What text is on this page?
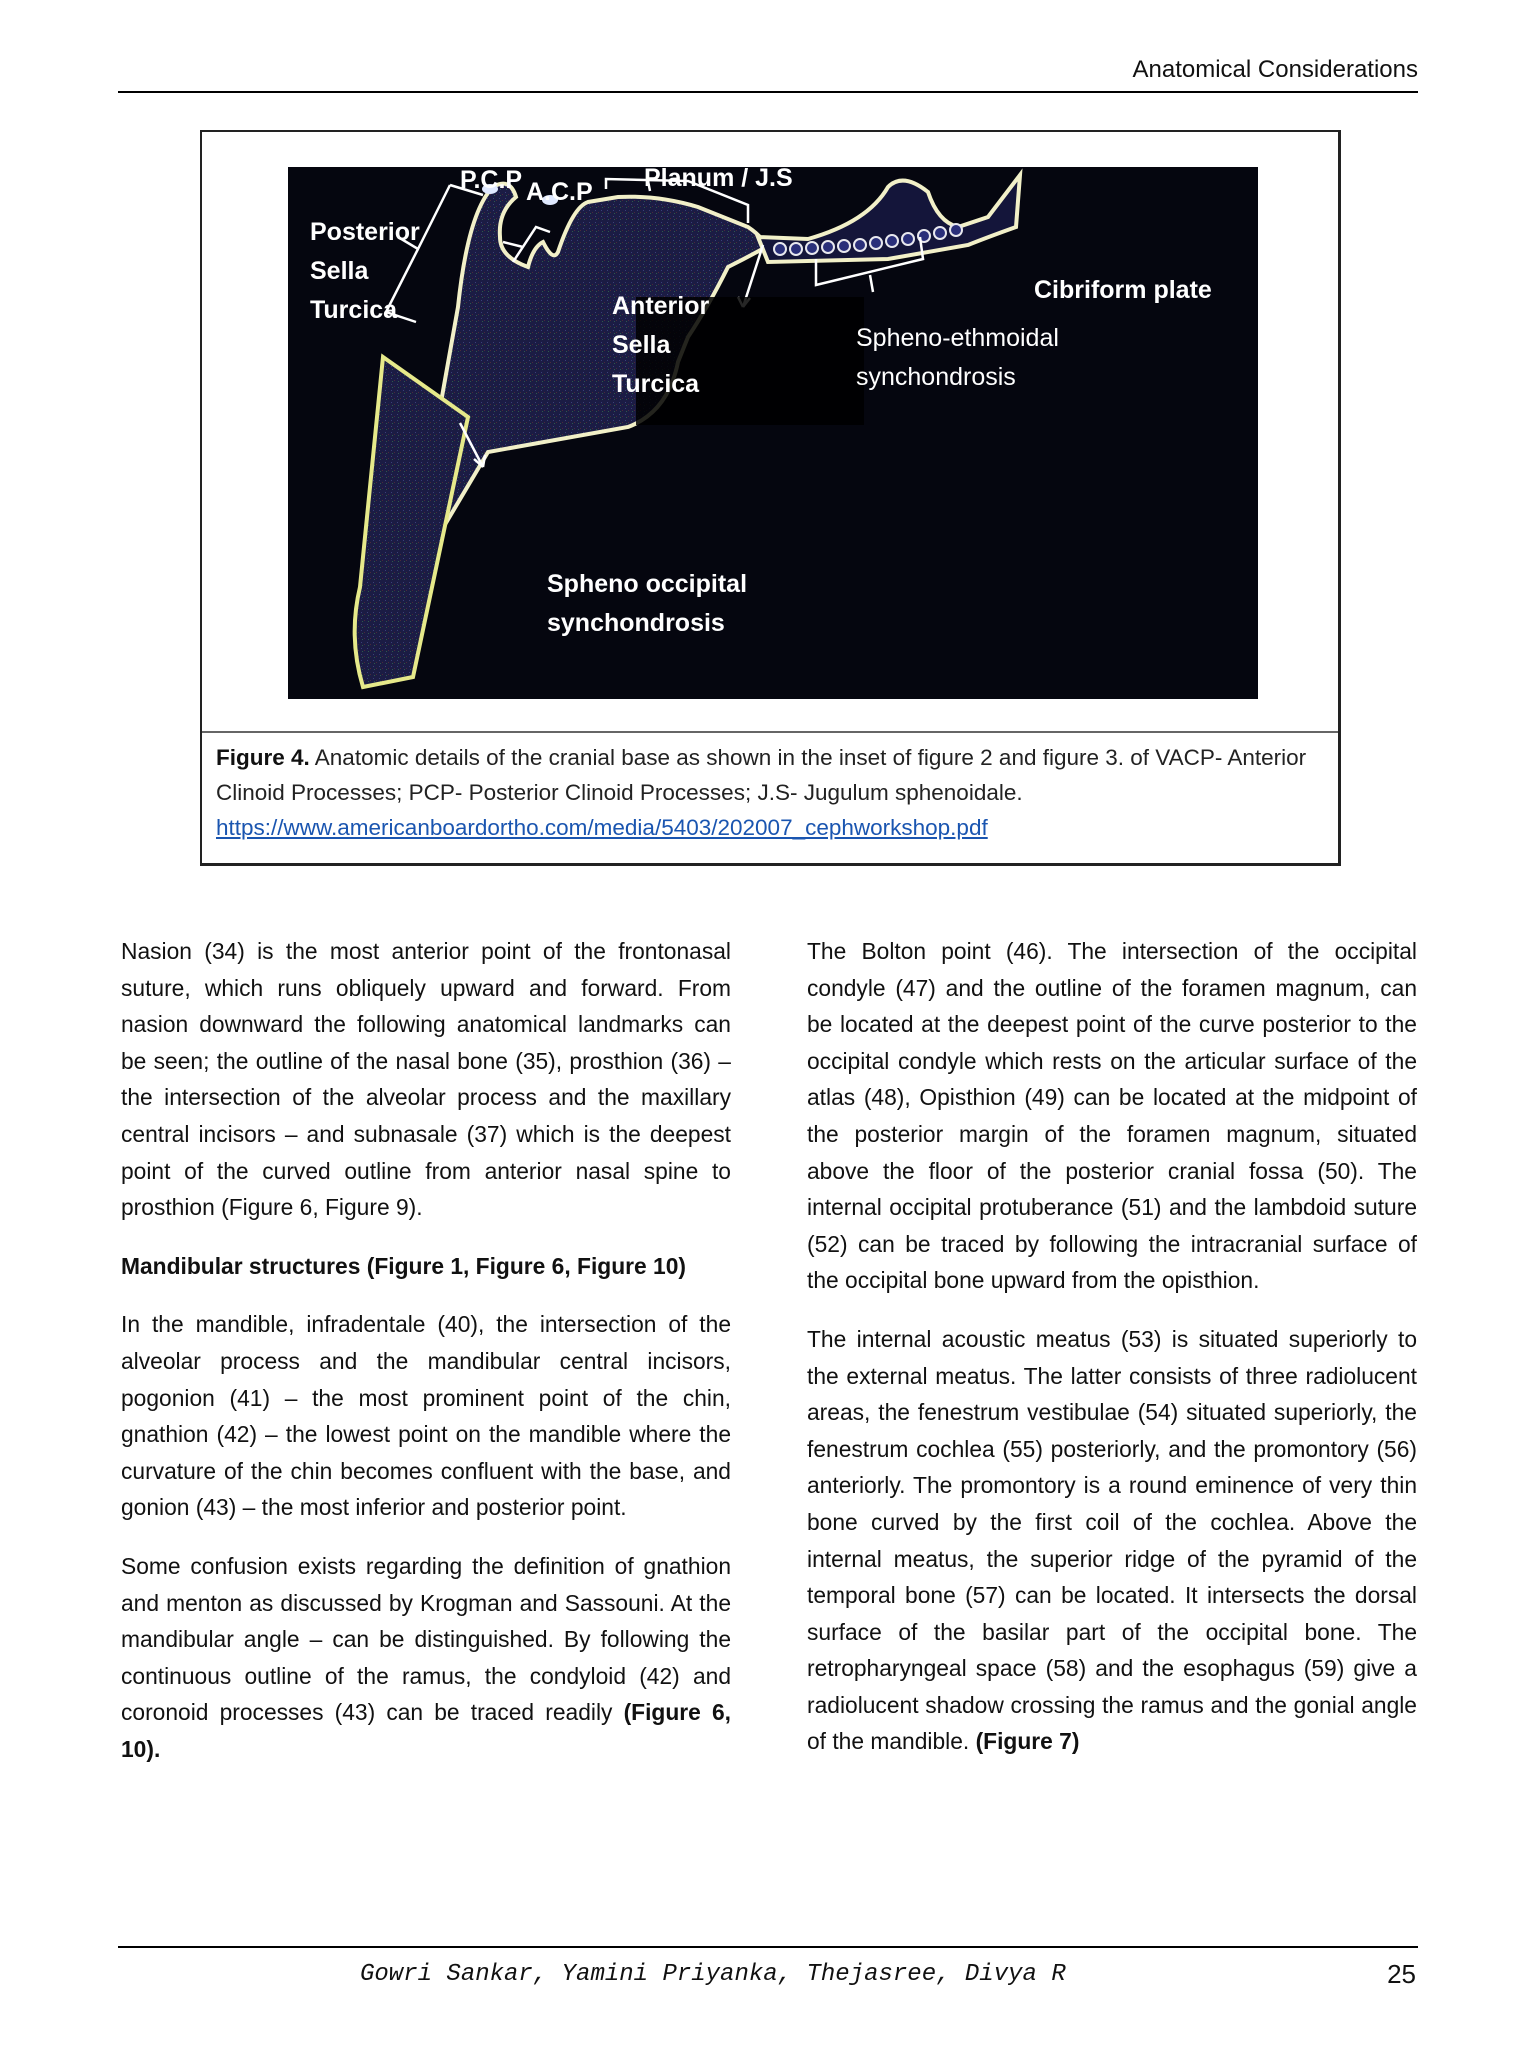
Anatomical Considerations
Posterior
Sella
Turcica
P.C.P A.C.P Planum / J.S
Anterior
Sella
Turcica
Cibriform plate
Spheno-ethmoidal
synchondrosis
Spheno occipital
synchondrosis
Figure 4. Anatomic details of the cranial base as shown in the inset of figure 2 and figure 3. of VACP- Anterior Clinoid Processes; PCP- Posterior Clinoid Processes; J.S- Jugulum sphenoidale.
https://www.americanboardortho.com/media/5403/202007_cephworkshop.pdf

Nasion (34) is the most anterior point of the frontonasal suture, which runs obliquely upward and forward. From nasion downward the following anatomical landmarks can be seen; the outline of the nasal bone (35), prosthion (36) – the intersection of the alveolar process and the maxillary central incisors – and subnasale (37) which is the deepest point of the curved outline from anterior nasal spine to prosthion (Figure 6, Figure 9).

Mandibular structures (Figure 1, Figure 6, Figure 10)

In the mandible, infradentale (40), the intersection of the alveolar process and the mandibular central incisors, pogonion (41) – the most prominent point of the chin, gnathion (42) – the lowest point on the mandible where the curvature of the chin becomes confluent with the base, and gonion (43) – the most inferior and posterior point.

Some confusion exists regarding the definition of gnathion and menton as discussed by Krogman and Sassouni. At the mandibular angle – can be distinguished. By following the continuous outline of the ramus, the condyloid (42) and coronoid processes (43) can be traced readily (Figure 6, 10).

The Bolton point (46). The intersection of the occipital condyle (47) and the outline of the foramen magnum, can be located at the deepest point of the curve posterior to the occipital condyle which rests on the articular surface of the atlas (48), Opisthion (49) can be located at the midpoint of the posterior margin of the foramen magnum, situated above the floor of the posterior cranial fossa (50). The internal occipital protuberance (51) and the lambdoid suture (52) can be traced by following the intracranial surface of the occipital bone upward from the opisthion.

The internal acoustic meatus (53) is situated superiorly to the external meatus. The latter consists of three radiolucent areas, the fenestrum vestibulae (54) situated superiorly, the fenestrum cochlea (55) posteriorly, and the promontory (56) anteriorly. The promontory is a round eminence of very thin bone curved by the first coil of the cochlea. Above the internal meatus, the superior ridge of the pyramid of the temporal bone (57) can be located. It intersects the dorsal surface of the basilar part of the occipital bone. The retropharyngeal space (58) and the esophagus (59) give a radiolucent shadow crossing the ramus and the gonial angle of the mandible. (Figure 7)

Gowri Sankar, Yamini Priyanka, Thejasree, Divya R	25
